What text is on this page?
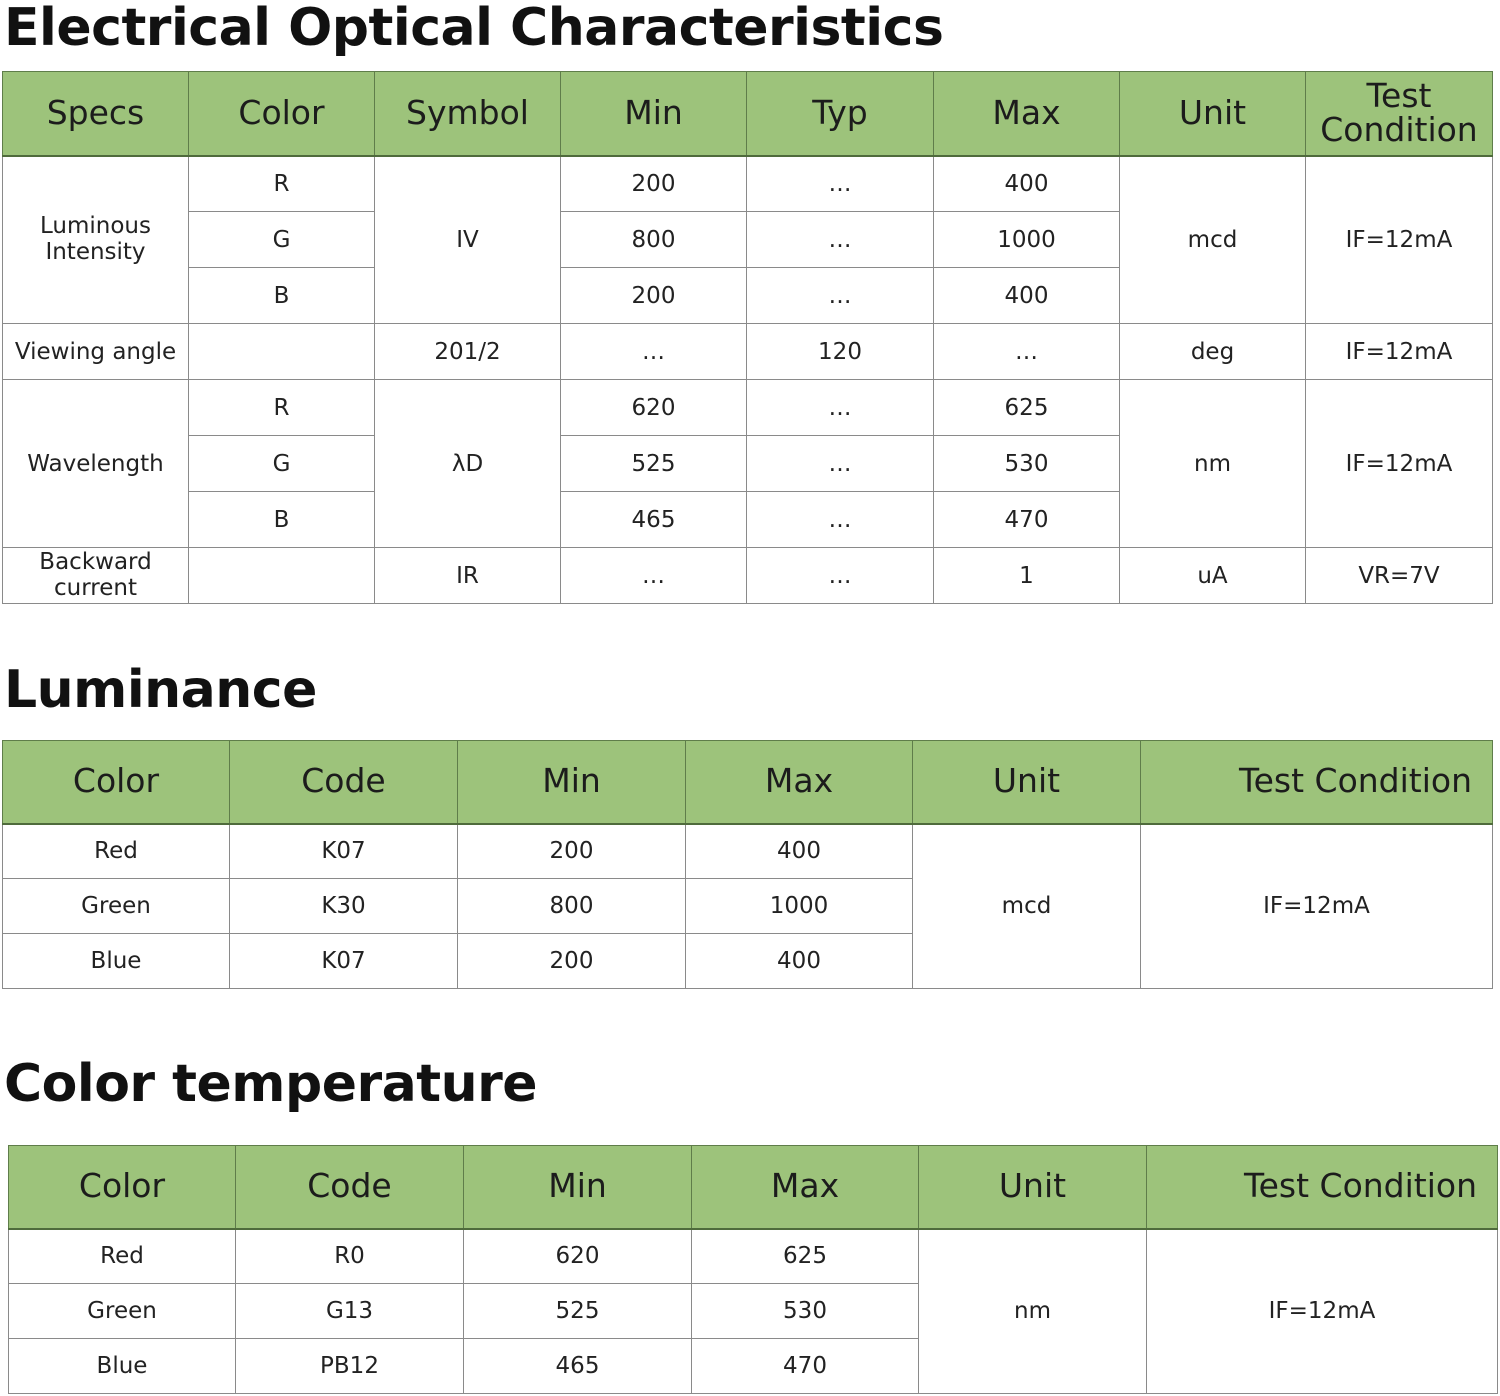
Electrical Optical Characteristics
Specs	Color	Symbol	Min	Typ	Max	Unit	Test Condition
Luminous Intensity	R	IV	200	…	400	mcd	IF=12mA
	G		800	…	1000		
	B		200	…	400		
Viewing angle		201/2	…	120	…	deg	IF=12mA
Wavelength	R	λD	620	…	625	nm	IF=12mA
	G		525	…	530		
	B		465	…	470		
Backward current		IR	…	…	1	uA	VR=7V
Luminance
Color	Code	Min	Max	Unit	Test Condition
Red	K07	200	400	mcd	IF=12mA
Green	K30	800	1000		
Blue	K07	200	400		
Color temperature
Color	Code	Min	Max	Unit	Test Condition
Red	R0	620	625	nm	IF=12mA
Green	G13	525	530		
Blue	PB12	465	470		
